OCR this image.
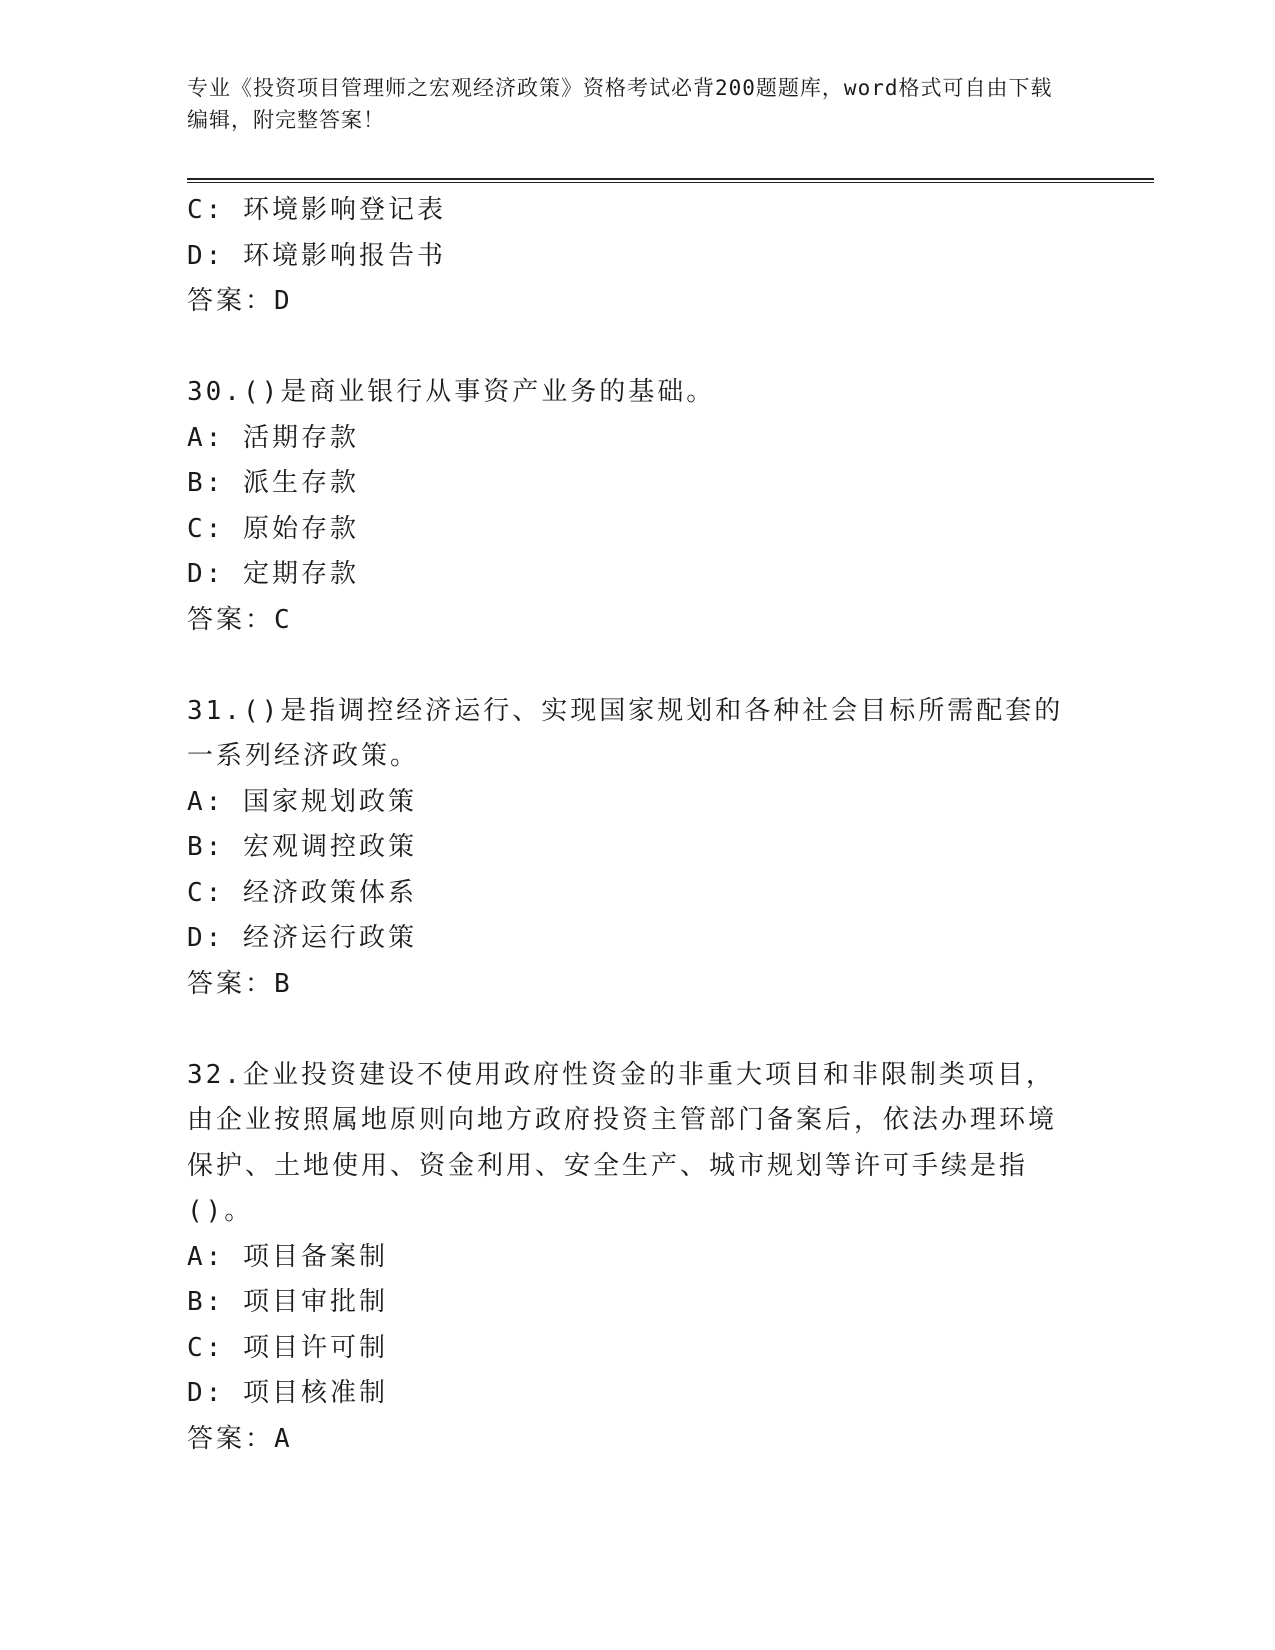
专业《投资项目管理师之宏观经济政策》资格考试必背200题题库，word格式可自由下载编辑，附完整答案！
C: 环境影响登记表
D: 环境影响报告书
答案：D
30.()是商业银行从事资产业务的基础。
A: 活期存款
B: 派生存款
C: 原始存款
D: 定期存款
答案：C
31.()是指调控经济运行、实现国家规划和各种社会目标所需配套的一系列经济政策。
A: 国家规划政策
B: 宏观调控政策
C: 经济政策体系
D: 经济运行政策
答案：B
32.企业投资建设不使用政府性资金的非重大项目和非限制类项目，由企业按照属地原则向地方政府投资主管部门备案后，依法办理环境保护、土地使用、资金利用、安全生产、城市规划等许可手续是指()。
A: 项目备案制
B: 项目审批制
C: 项目许可制
D: 项目核准制
答案：A
